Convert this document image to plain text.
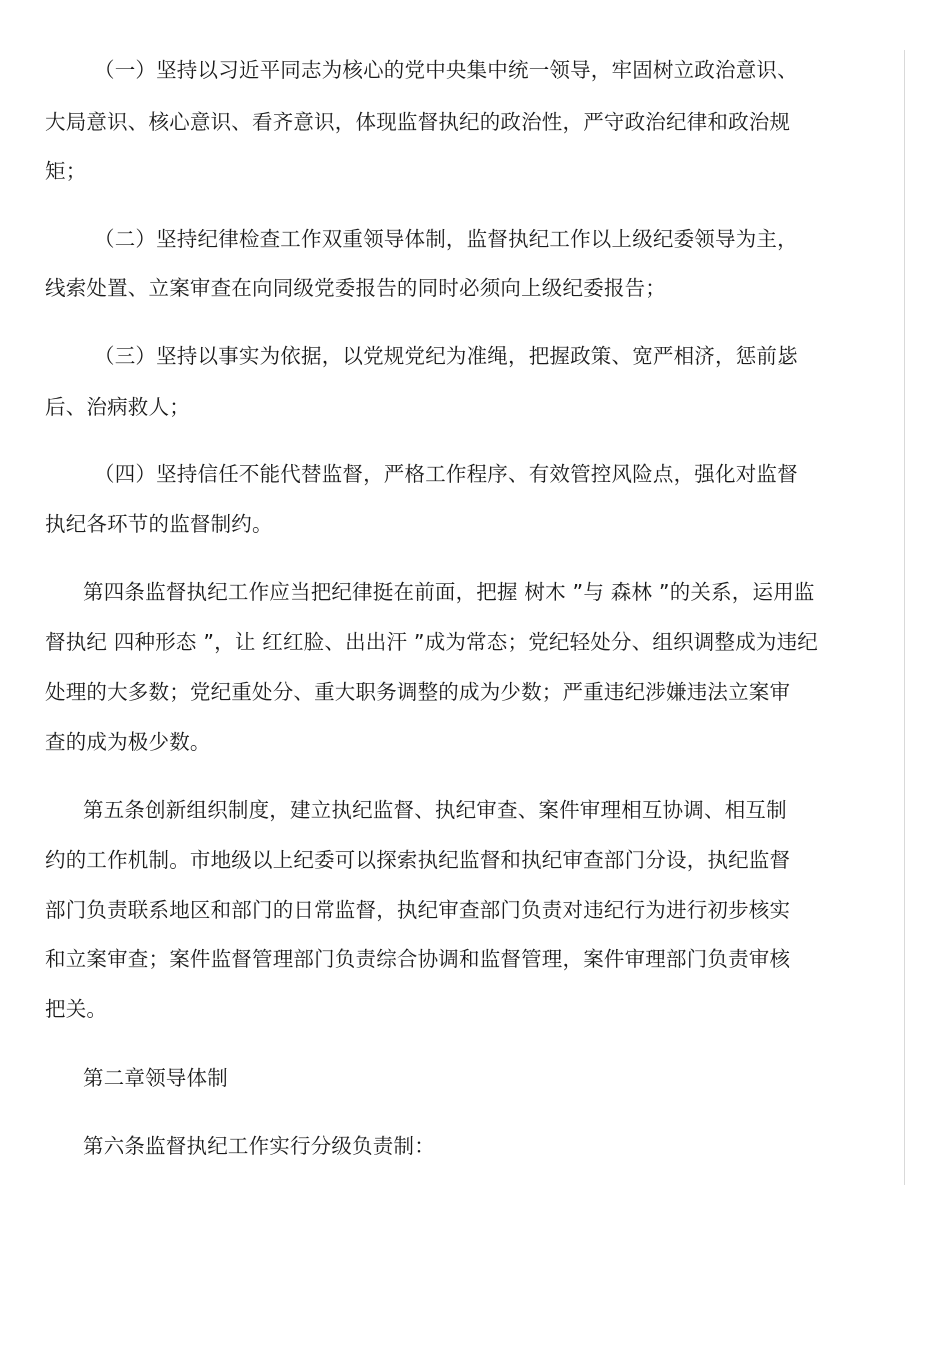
（一）坚持以习近平同志为核心的党中央集中统一领导，牢固树立政治意识、
大局意识、核心意识、看齐意识，体现监督执纪的政治性，严守政治纪律和政治规
矩；
（二）坚持纪律检查工作双重领导体制，监督执纪工作以上级纪委领导为主，
线索处置、立案审查在向同级党委报告的同时必须向上级纪委报告；
（三）坚持以事实为依据，以党规党纪为准绳，把握政策、宽严相济，惩前毖
后、治病救人；
（四）坚持信任不能代替监督，严格工作程序、有效管控风险点，强化对监督
执纪各环节的监督制约。
第四条监督执纪工作应当把纪律挺在前面，把握 树木 ”与 森林 ”的关系，运用监
督执纪 四种形态 ”，让 红红脸、出出汗 ”成为常态；党纪轻处分、组织调整成为违纪
处理的大多数；党纪重处分、重大职务调整的成为少数；严重违纪涉嫌违法立案审
查的成为极少数。
第五条创新组织制度，建立执纪监督、执纪审查、案件审理相互协调、相互制
约的工作机制。市地级以上纪委可以探索执纪监督和执纪审查部门分设，执纪监督
部门负责联系地区和部门的日常监督，执纪审查部门负责对违纪行为进行初步核实
和立案审查；案件监督管理部门负责综合协调和监督管理，案件审理部门负责审核
把关。
第二章领导体制
第六条监督执纪工作实行分级负责制：
